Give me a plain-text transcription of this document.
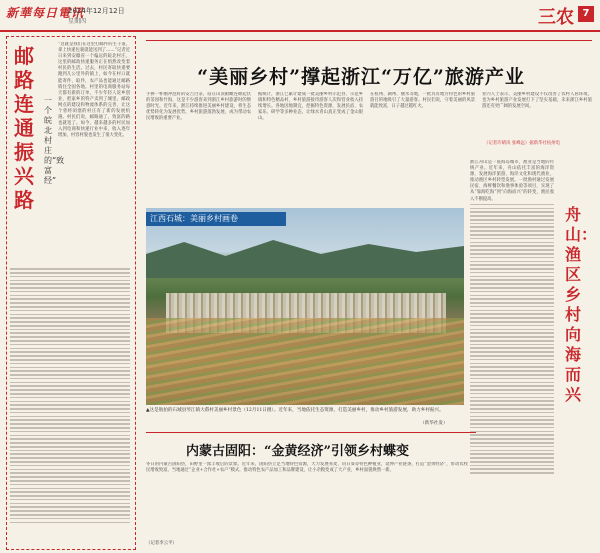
新華每日電讯
2024年12月12日
星期四	三农 7
邮路连通振兴路
一个皖北村庄的“致富经”
“这就是我们在这里打邮件的主干道，拿上快递包裹就能送到了……”记者近日来到安徽省一个偏远的皖北村庄，这里的邮政快递服务正在悄然改变着村民的生活。过去，村民寄取快递要跑到几公里外的镇上，如今在村口就能寄件、取件，农产品也能通过邮路销往全国各地。村里的电商服务站每天都有新的订单，不少年轻人返乡创业，把家乡的特产卖到了城里。邮政网点的建设和物流体系的完善，让这个曾经闭塞的村庄有了新的发展机遇。村民们说，邮路通了，致富的路也就宽了。如今，越来越多的村民加入到电商和快递行业中来，收入逐年增加，村容村貌也发生了很大变化。
“美丽乡村”撑起浙江“万亿”旅游产业
手捧一杯刚冲泡好的安吉白茶，站在山顶俯瞰连绵起伏的茶园和竹海，这是不少游客来到浙江乡村旅游时的惬意时光。近年来，浙江持续推进美丽乡村建设，将生态优势转化为发展优势，乡村旅游蓬勃发展，成为带动农民增收的重要产业。
据统计，浙江已累计建成一批美丽乡村示范县、示范乡镇和特色精品村，乡村旅游接待游客人次和营业收入持续增长。各地因地制宜，挖掘特色资源，发展民宿、农家乐、研学等多种业态，让绿水青山真正变成了金山银山。
在杭州、湖州、丽水等地，一批具有地方特色的乡村旅游目的地吸引了大量游客。村民们说，守着美丽的风景就能致富，日子越过越红火。
业内人士表示，美丽乡村建设不仅改善了农村人居环境，也为乡村旅游产业发展打下了坚实基础，未来浙江乡村旅游还有更广阔的发展空间。
（记者许晴岚 张峰远）据新华社杭州电
江西石城：美丽乡村画卷
▲这是航拍的石城县琴江镇大畲村美丽乡村景色（12月11日摄）。近年来，当地依托生态资源，打造美丽乡村，推动乡村旅游发展，助力乡村振兴。
（新华社发）
浙江舟山是一座海岛城市，渔业是当地的传统产业。近年来，舟山依托丰富的海洋资源，发展海洋旅游、海洋文化和现代渔业，推动渔区乡村转型发展。一批渔村通过发展民宿、海鲜餐饮和渔事体验等项目，实现了从“靠海吃海”到“向海而兴”的转变，渔民收入不断提高。
舟山：渔区乡村向海而兴
内蒙古固阳：“金黄经济”引领乡村蝶变
冬日的内蒙古固阳县，田野里一派丰收后的景象。近年来，固阳县立足当地特色资源，大力发展荞麦、向日葵等特色种植业，延伸产业链条，打造“金黄经济”，带动农牧民增收致富。当地通过“企业+合作社+农户”模式，推动特色农产品加工和品牌建设，让小杂粮变成了大产业，乡村面貌焕然一新。
（记者李云平）
